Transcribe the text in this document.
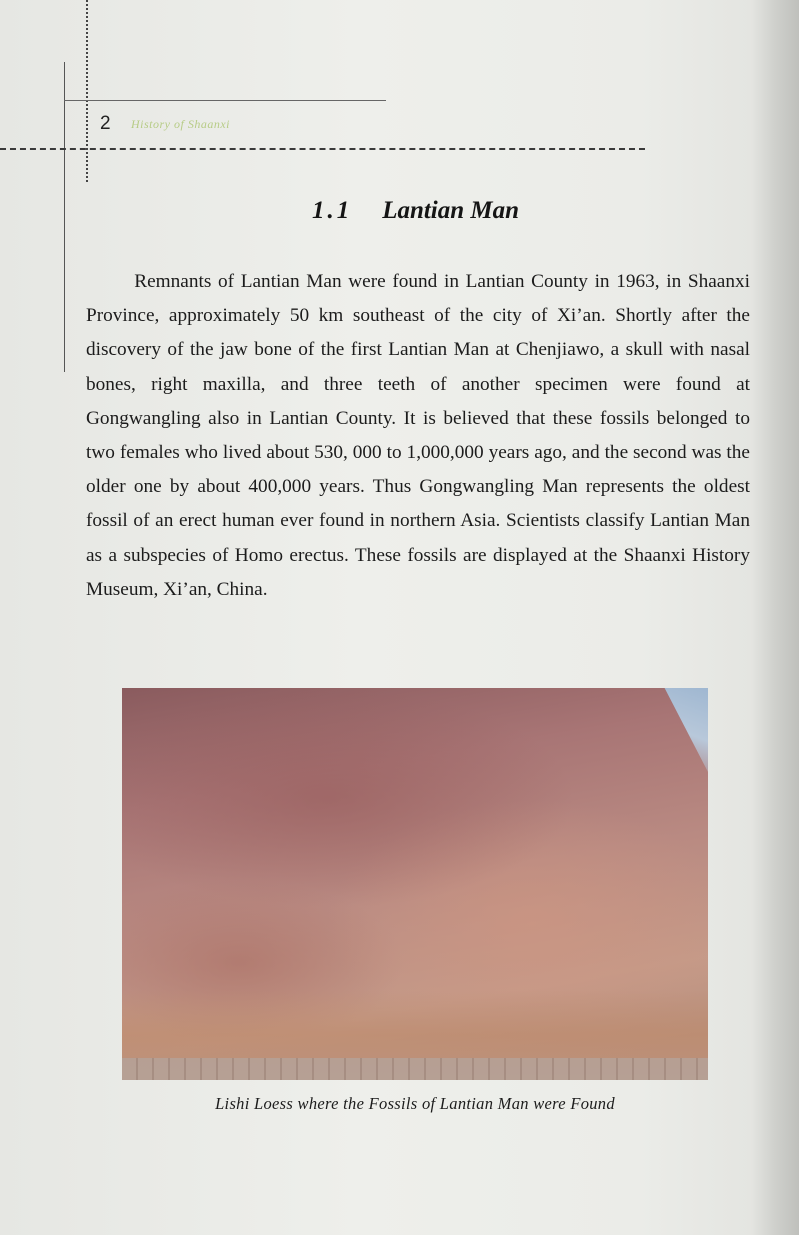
2 History of Shaanxi
1.1 Lantian Man

Remnants of Lantian Man were found in Lantian County in 1963, in Shaanxi Province, approximately 50 km southeast of the city of Xi’an. Shortly after the discovery of the jaw bone of the first Lantian Man at Chenjiawo, a skull with nasal bones, right maxilla, and three teeth of another specimen were found at Gongwangling also in Lantian County. It is believed that these fossils belonged to two females who lived about 530, 000 to 1,000,000 years ago, and the second was the older one by about 400,000 years. Thus Gongwangling Man represents the oldest fossil of an erect human ever found in northern Asia. Scientists classify Lantian Man as a subspecies of Homo erectus. These fossils are displayed at the Shaanxi History Museum, Xi’an, China.

Lishi Loess where the Fossils of Lantian Man were Found
